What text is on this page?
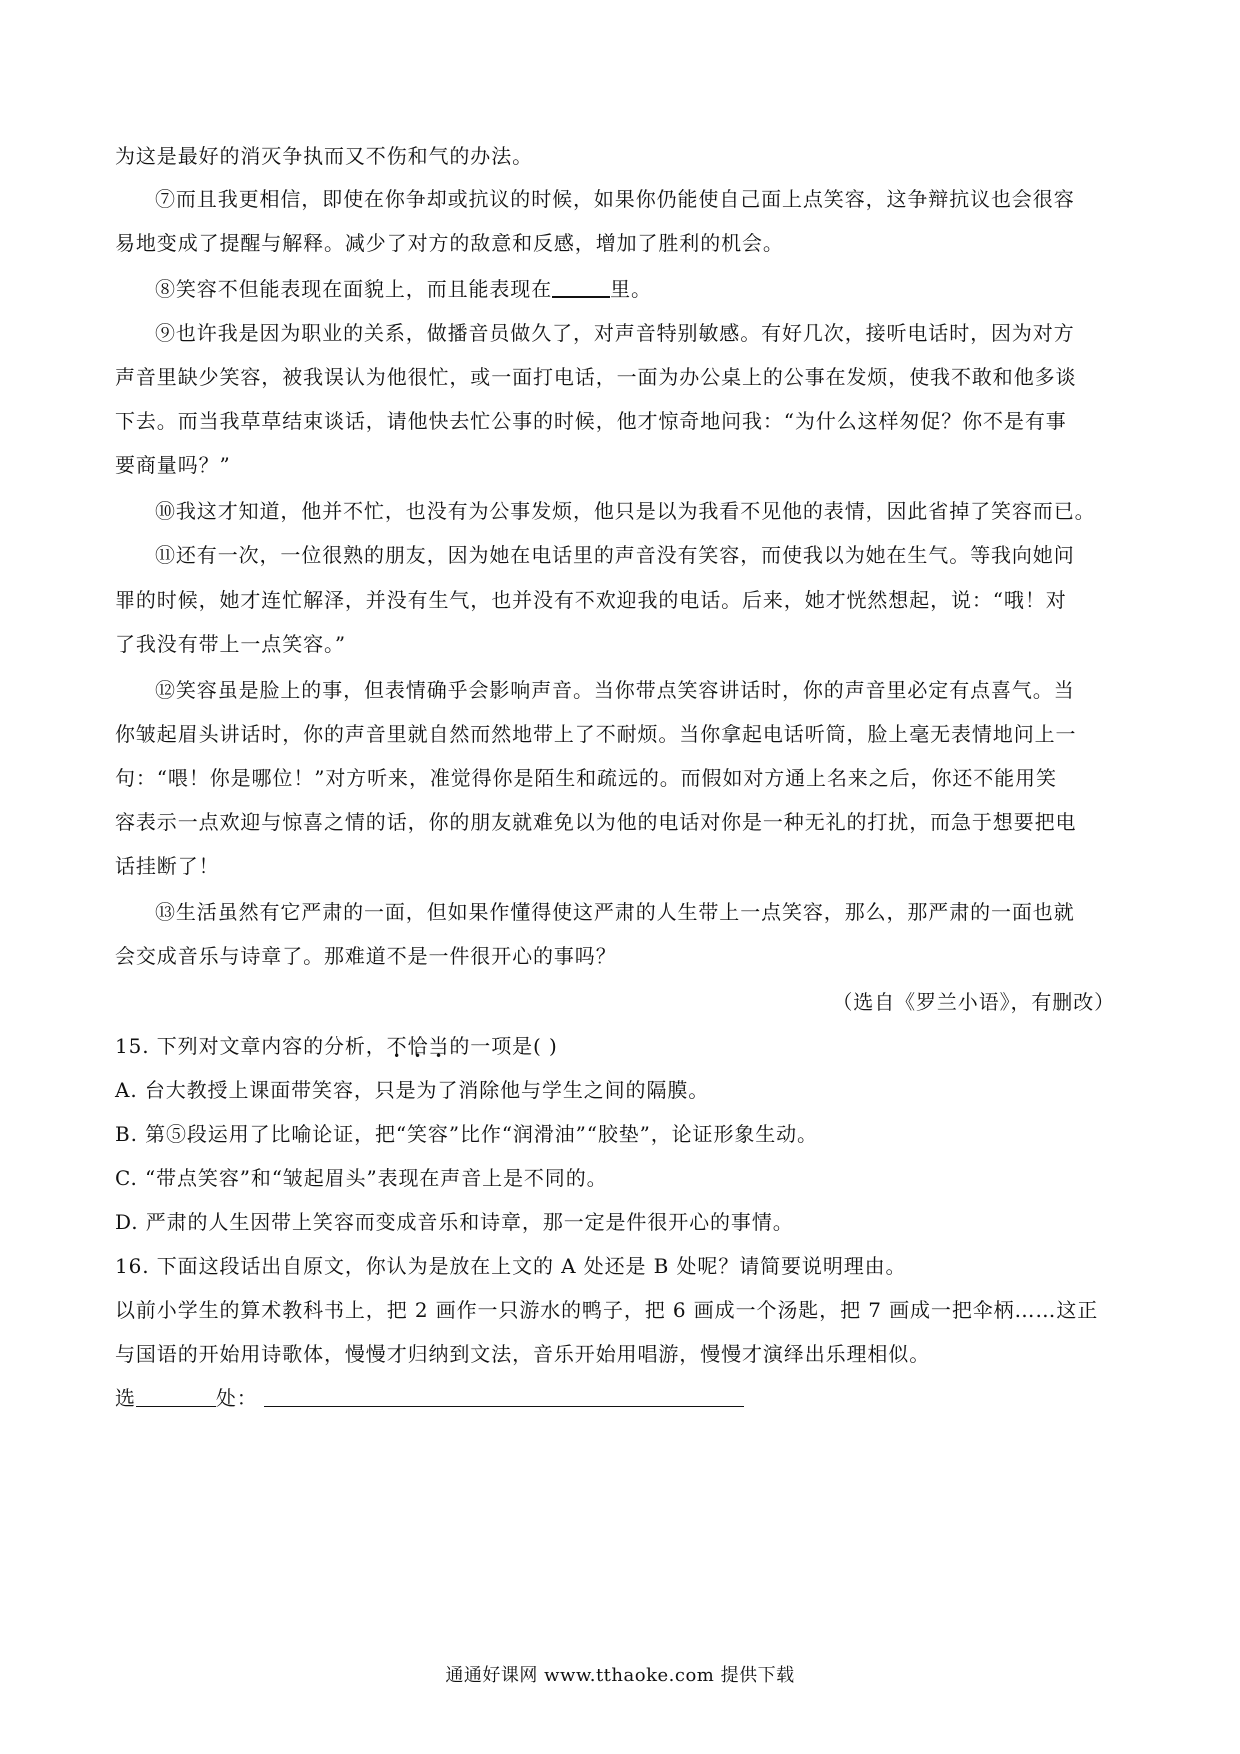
为这是最好的消灭争执而又不伤和气的办法。
⑦而且我更相信，即使在你争却或抗议的时候，如果你仍能使自己面上点笑容，这争辩抗议也会很容
易地变成了提醒与解释。减少了对方的敌意和反感，增加了胜利的机会。
⑧笑容不但能表现在面貌上，而且能表现在	里。
⑨也许我是因为职业的关系，做播音员做久了，对声音特别敏感。有好几次，接听电话时，因为对方
声音里缺少笑容，被我误认为他很忙，或一面打电话，一面为办公桌上的公事在发烦，使我不敢和他多谈
下去。而当我草草结束谈话，请他快去忙公事的时候，他才惊奇地问我：“为什么这样匆促？你不是有事
要商量吗？”
⑩我这才知道，他并不忙，也没有为公事发烦，他只是以为我看不见他的表情，因此省掉了笑容而已。
⑪还有一次，一位很熟的朋友，因为她在电话里的声音没有笑容，而使我以为她在生气。等我向她问
罪的时候，她才连忙解泽，并没有生气，也并没有不欢迎我的电话。后来，她才恍然想起，说：“哦！对
了我没有带上一点笑容。”
⑫笑容虽是脸上的事，但表情确乎会影响声音。当你带点笑容讲话时，你的声音里必定有点喜气。当
你皱起眉头讲话时，你的声音里就自然而然地带上了不耐烦。当你拿起电话听筒，脸上毫无表情地问上一
句：“喂！你是哪位！”对方听来，准觉得你是陌生和疏远的。而假如对方通上名来之后，你还不能用笑
容表示一点欢迎与惊喜之情的话，你的朋友就难免以为他的电话对你是一种无礼的打扰，而急于想要把电
话挂断了！
⑬生活虽然有它严肃的一面，但如果作懂得使这严肃的人生带上一点笑容，那么，那严肃的一面也就
会交成音乐与诗章了。那难道不是一件很开心的事吗？
（选自《罗兰小语》，有删改）
15. 下列对文章内容的分析，不恰当的一项是( )
A. 台大教授上课面带笑容，只是为了消除他与学生之间的隔膜。
B. 第⑤段运用了比喻论证，把“笑容”比作“润滑油”“胶垫”，论证形象生动。
C. “带点笑容”和“皱起眉头”表现在声音上是不同的。
D. 严肃的人生因带上笑容而变成音乐和诗章，那一定是件很开心的事情。
16. 下面这段话出自原文，你认为是放在上文的 A 处还是 B 处呢？请简要说明理由。
以前小学生的算术教科书上，把 2 画作一只游水的鸭子，把 6 画成一个汤匙，把 7 画成一把伞柄……这正
与国语的开始用诗歌体，慢慢才归纳到文法，音乐开始用唱游，慢慢才演绎出乐理相似。
选	处：
通通好课网 www.tthaoke.com 提供下载
